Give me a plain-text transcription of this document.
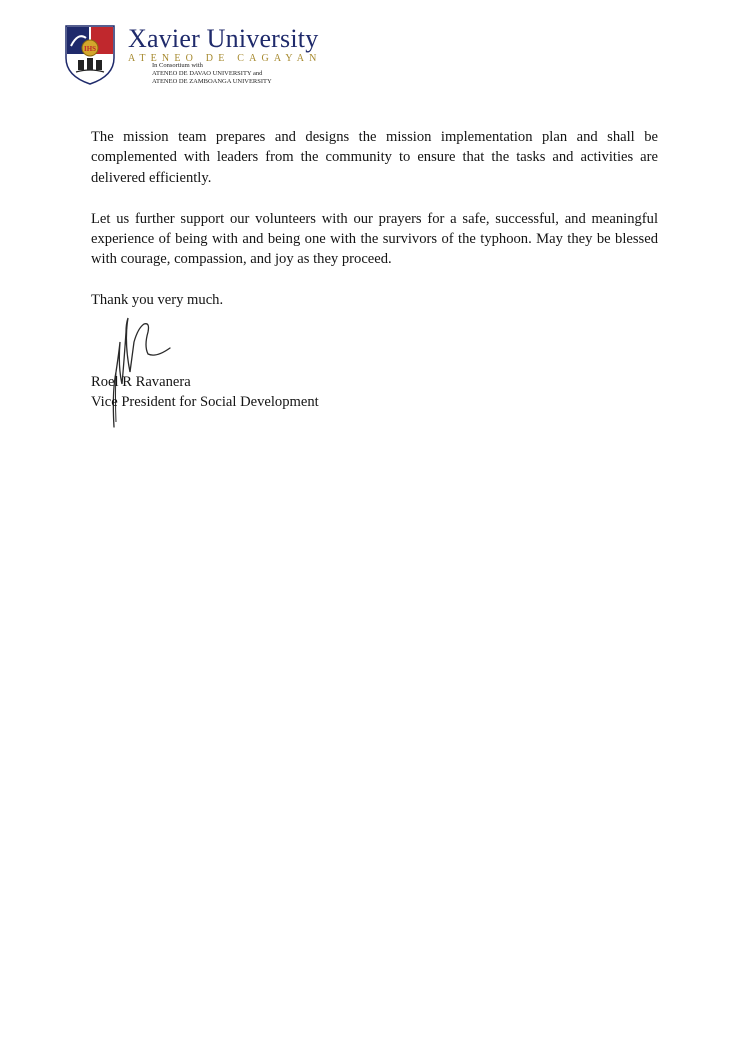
IHS Xavier University
ATENEO DE CAGAYAN
In Consortium with
ATENEO DE DAVAO UNIVERSITY and
ATENEO DE ZAMBOANGA UNIVERSITY

The mission team prepares and designs the mission implementation plan and shall be complemented with leaders from the community to ensure that the tasks and activities are delivered efficiently.

Let us further support our volunteers with our prayers for a safe, successful, and meaningful experience of being with and being one with the survivors of the typhoon. May they be blessed with courage, compassion, and joy as they proceed.

Thank you very much.

Roel R Ravanera
Vice President for Social Development
